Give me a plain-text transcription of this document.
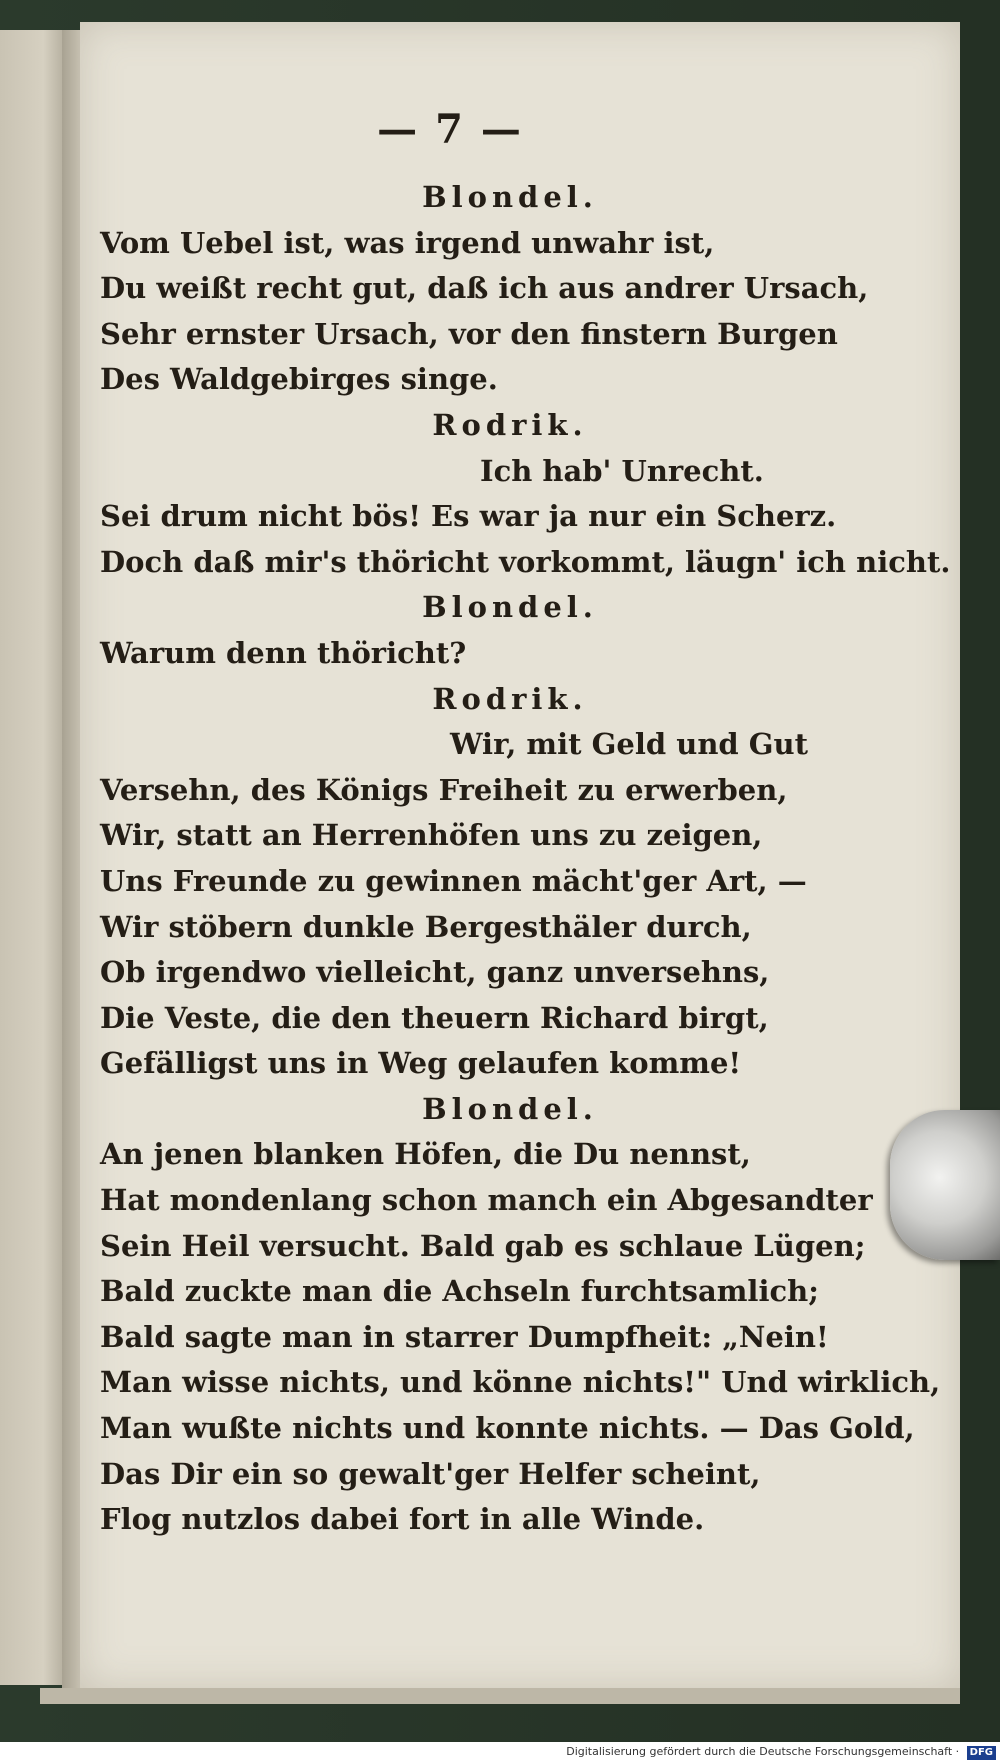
— 7 —
Blondel.
Vom Uebel ist, was irgend unwahr ist,
Du weißt recht gut, daß ich aus andrer Ursach,
Sehr ernster Ursach, vor den finstern Burgen
Des Waldgebirges singe.
Rodrik.
Ich hab' Unrecht.
Sei drum nicht bös! Es war ja nur ein Scherz.
Doch daß mir's thöricht vorkommt, läugn' ich nicht.
Blondel.
Warum denn thöricht?
Rodrik.
Wir, mit Geld und Gut
Versehn, des Königs Freiheit zu erwerben,
Wir, statt an Herrenhöfen uns zu zeigen,
Uns Freunde zu gewinnen mächt'ger Art, —
Wir stöbern dunkle Bergesthäler durch,
Ob irgendwo vielleicht, ganz unversehns,
Die Veste, die den theuern Richard birgt,
Gefälligst uns in Weg gelaufen komme!
Blondel.
An jenen blanken Höfen, die Du nennst,
Hat mondenlang schon manch ein Abgesandter
Sein Heil versucht. Bald gab es schlaue Lügen;
Bald zuckte man die Achseln furchtsamlich;
Bald sagte man in starrer Dumpfheit: „Nein!
Man wisse nichts, und könne nichts!" Und wirklich,
Man wußte nichts und konnte nichts. — Das Gold,
Das Dir ein so gewalt'ger Helfer scheint,
Flog nutzlos dabei fort in alle Winde.
Digitalisierung gefördert durch die Deutsche Forschungsgemeinschaft · DFG
